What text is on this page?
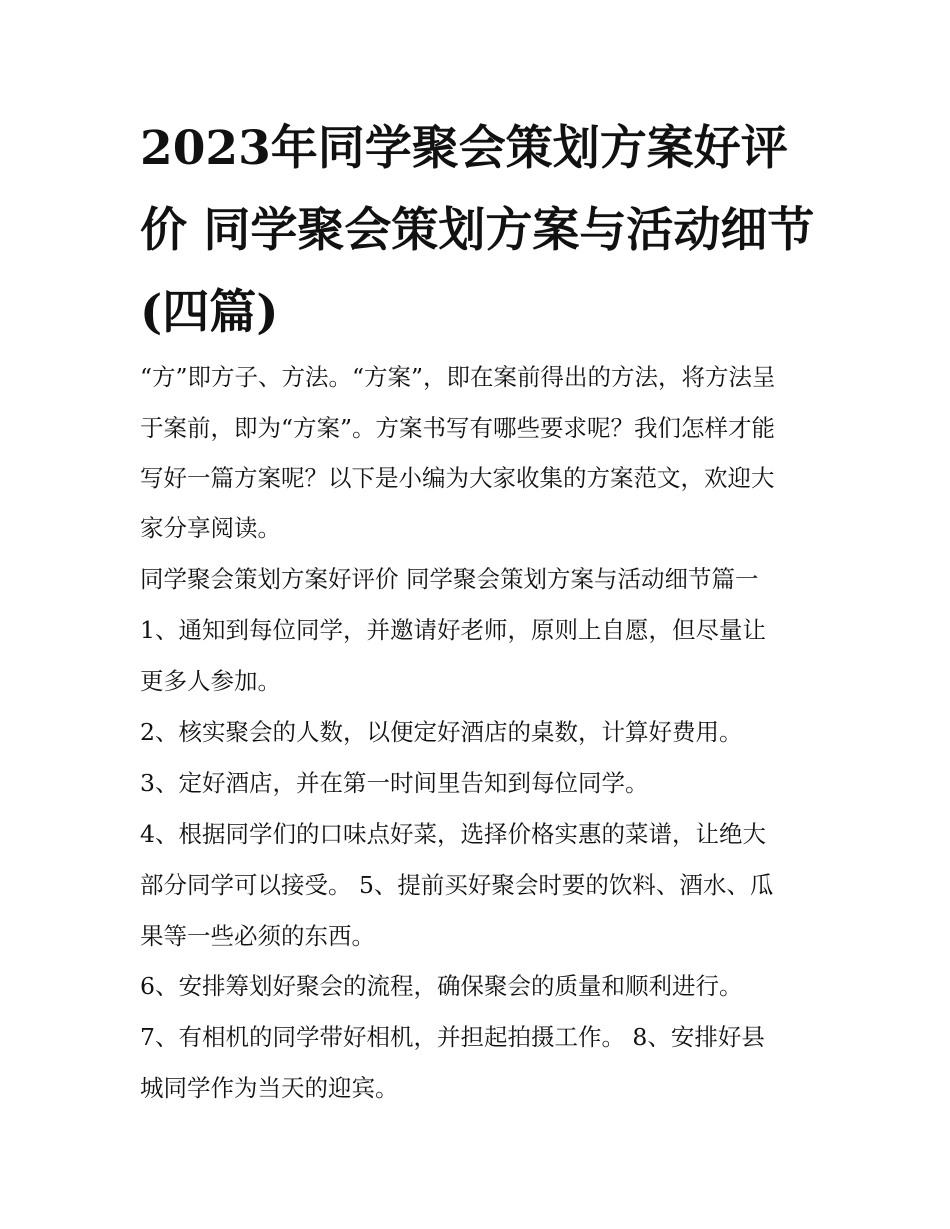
2023年同学聚会策划方案好评价 同学聚会策划方案与活动细节(四篇)

“方”即方子、方法。“方案”，即在案前得出的方法，将方法呈

于案前，即为“方案”。方案书写有哪些要求呢？我们怎样才能

写好一篇方案呢？以下是小编为大家收集的方案范文，欢迎大

家分享阅读。

同学聚会策划方案好评价 同学聚会策划方案与活动细节篇一

1、通知到每位同学，并邀请好老师，原则上自愿，但尽量让

更多人参加。

2、核实聚会的人数，以便定好酒店的桌数，计算好费用。

3、定好酒店，并在第一时间里告知到每位同学。

4、根据同学们的口味点好菜，选择价格实惠的菜谱，让绝大

部分同学可以接受。 5、提前买好聚会时要的饮料、酒水、瓜

果等一些必须的东西。

6、安排筹划好聚会的流程，确保聚会的质量和顺利进行。

7、有相机的同学带好相机，并担起拍摄工作。 8、安排好县

城同学作为当天的迎宾。
